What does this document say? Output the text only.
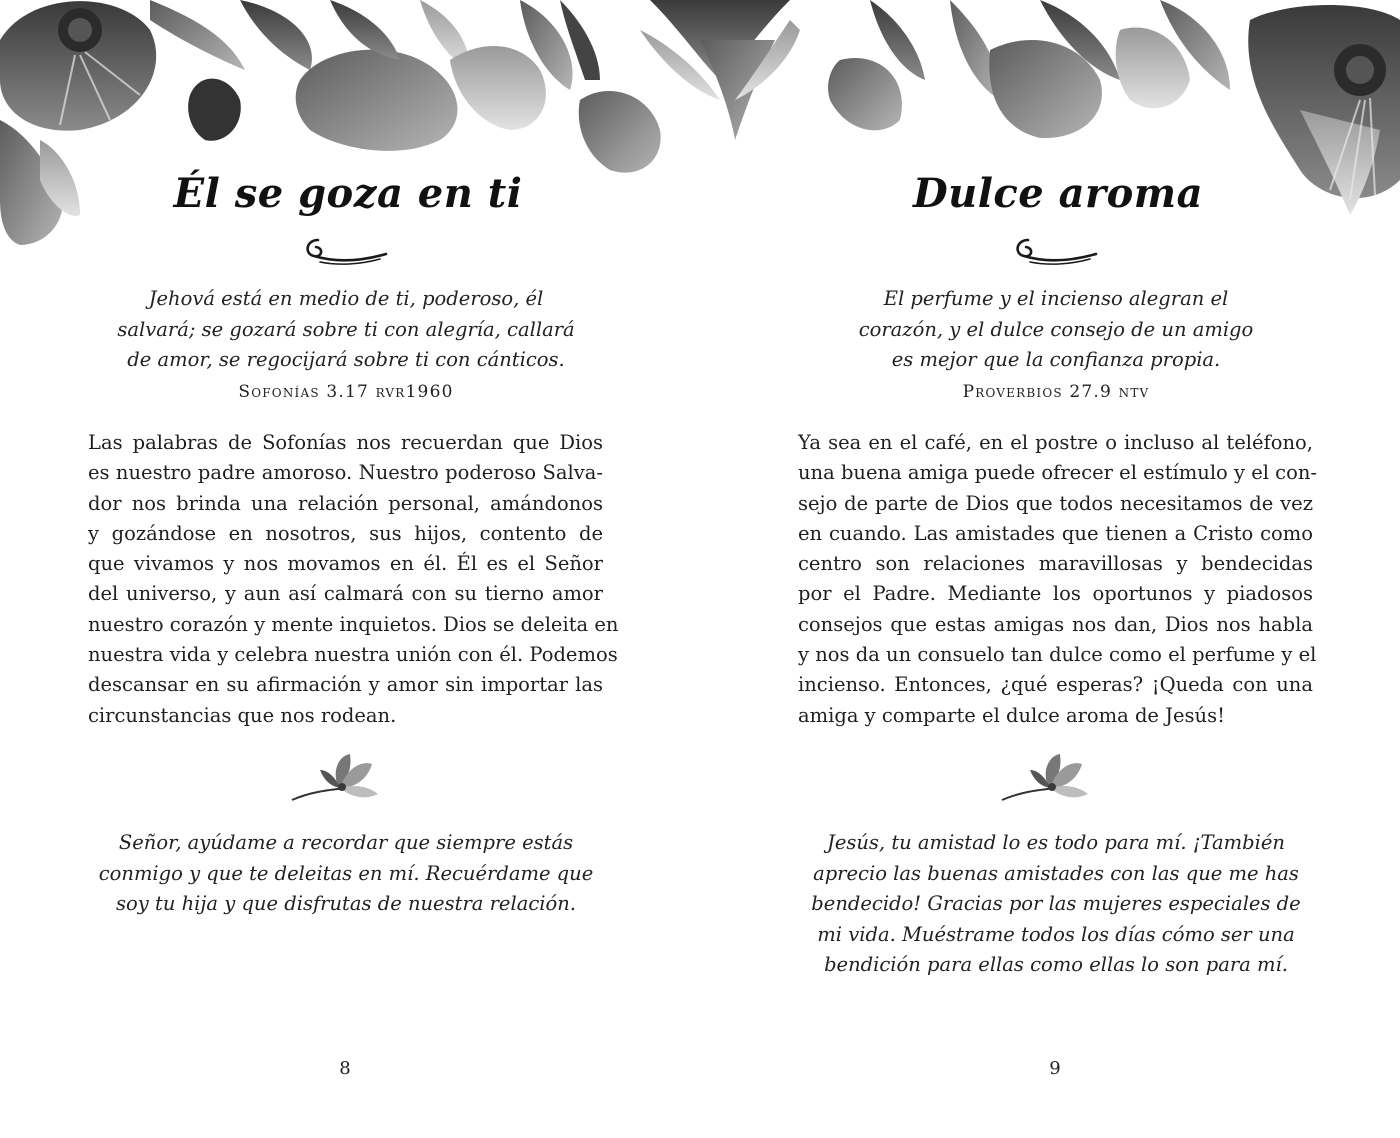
Él se goza en ti

Jehová está en medio de ti, poderoso, él
salvará; se gozará sobre ti con alegría, callará
de amor, se regocijará sobre ti con cánticos.

Sofonías 3.17 rvr1960

Las palabras de Sofonías nos recuerdan que Dios
es nuestro padre amoroso. Nuestro poderoso Salva-
dor nos brinda una relación personal, amándonos
y gozándose en nosotros, sus hijos, contento de
que vivamos y nos movamos en él. Él es el Señor
del universo, y aun así calmará con su tierno amor
nuestro corazón y mente inquietos. Dios se deleita en
nuestra vida y celebra nuestra unión con él. Podemos
descansar en su afirmación y amor sin importar las
circunstancias que nos rodean.

Señor, ayúdame a recordar que siempre estás
conmigo y que te deleitas en mí. Recuérdame que
soy tu hija y que disfrutas de nuestra relación.

8
Dulce aroma

El perfume y el incienso alegran el
corazón, y el dulce consejo de un amigo
es mejor que la confianza propia.

Proverbios 27.9 ntv

Ya sea en el café, en el postre o incluso al teléfono,
una buena amiga puede ofrecer el estímulo y el con-
sejo de parte de Dios que todos necesitamos de vez
en cuando. Las amistades que tienen a Cristo como
centro son relaciones maravillosas y bendecidas
por el Padre. Mediante los oportunos y piadosos
consejos que estas amigas nos dan, Dios nos habla
y nos da un consuelo tan dulce como el perfume y el
incienso. Entonces, ¿qué esperas? ¡Queda con una
amiga y comparte el dulce aroma de Jesús!

Jesús, tu amistad lo es todo para mí. ¡También
aprecio las buenas amistades con las que me has
bendecido! Gracias por las mujeres especiales de
mi vida. Muéstrame todos los días cómo ser una
bendición para ellas como ellas lo son para mí.

9
